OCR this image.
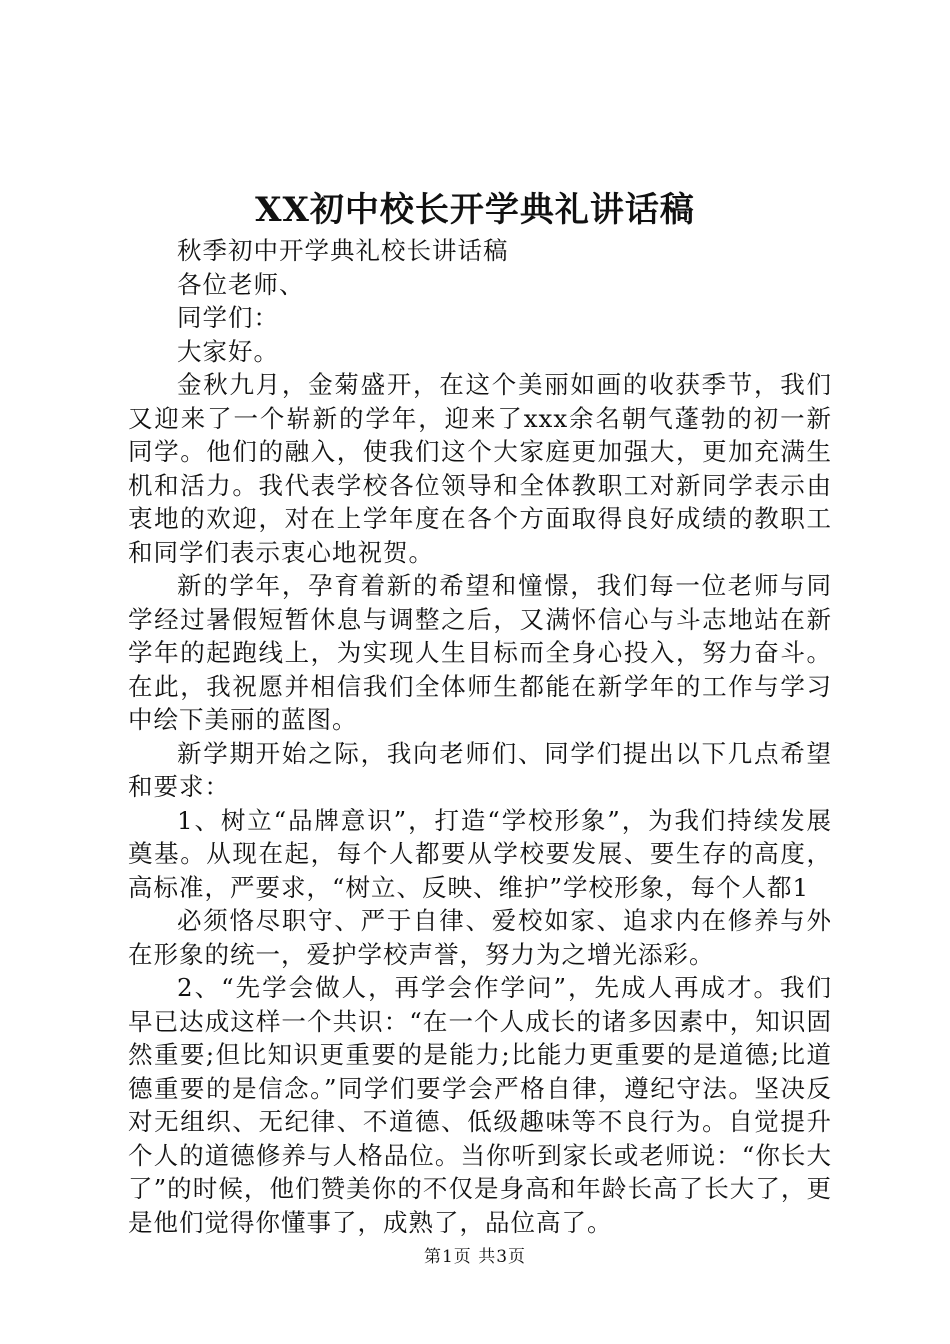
XX初中校长开学典礼讲话稿

秋季初中开学典礼校长讲话稿

各位老师、

同学们：

大家好。

金秋九月，金菊盛开，在这个美丽如画的收获季节，我们又迎来了一个崭新的学年，迎来了xxx余名朝气蓬勃的初一新同学。他们的融入，使我们这个大家庭更加强大，更加充满生机和活力。我代表学校各位领导和全体教职工对新同学表示由衷地的欢迎，对在上学年度在各个方面取得良好成绩的教职工和同学们表示衷心地祝贺。

新的学年，孕育着新的希望和憧憬，我们每一位老师与同学经过暑假短暂休息与调整之后，又满怀信心与斗志地站在新学年的起跑线上，为实现人生目标而全身心投入，努力奋斗。在此，我祝愿并相信我们全体师生都能在新学年的工作与学习中绘下美丽的蓝图。

新学期开始之际，我向老师们、同学们提出以下几点希望和要求：

1、树立“品牌意识”，打造“学校形象”，为我们持续发展奠基。从现在起，每个人都要从学校要发展、要生存的高度，高标准，严要求，“树立、反映、维护”学校形象，每个人都1

必须恪尽职守、严于自律、爱校如家、追求内在修养与外在形象的统一，爱护学校声誉，努力为之增光添彩。

2、“先学会做人，再学会作学问”，先成人再成才。我们早已达成这样一个共识：“在一个人成长的诸多因素中，知识固然重要;但比知识更重要的是能力;比能力更重要的是道德;比道德重要的是信念。”同学们要学会严格自律，遵纪守法。坚决反对无组织、无纪律、不道德、低级趣味等不良行为。自觉提升个人的道德修养与人格品位。当你听到家长或老师说：“你长大了”的时候，他们赞美你的不仅是身高和年龄长高了长大了，更是他们觉得你懂事了，成熟了，品位高了。

第1页 共3页
